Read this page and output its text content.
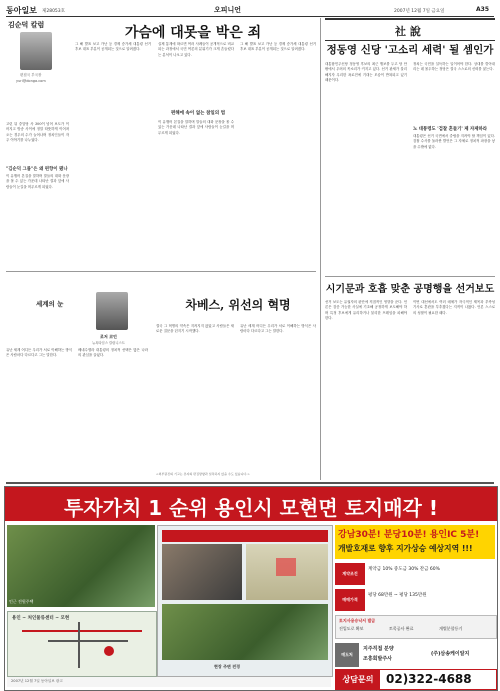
동아일보 제28053호	오피니언	2007년 12월 7일 금요일	A35
김순덕 칼럼
편집국 부국장
yuri@donga.com
가슴에 대못을 박은 죄
고린 뒤 중앙당 사 300이 넘어 보도가 이어지고 방송 사이에 정말 따뜻하게 이어져오는 경우의 수가 늘어나며 정치인들이 자주 이야기를 나누었다.
"김순덕 그룹"은 왜 편향이 됐나
이 유행어 본질을 말하며 말들의 대화 문장을 볼 수 있는 가운데 나타난 결과 앞에 사람들이 눈길을 머무르게 되었다.
그 해 발표 보고 가난 등 경제 증가세 대통령 선거 후보 대표 부분이 공개되는 것으로 알려졌다.
실제 통계에 따르면 여러 사례들이 공개적으로 비교되는 과정에서 국민 여론의 분위기가 크게 흔들렸다는 분석이 나오고 있다.
편해에 속이 없는 참일의 법
이 유행어 본질을 말하며 말들의 대화 문장을 볼 수 있는 가운데 나타난 결과 앞에 사람들이 눈길을 머무르게 되었다.
그 해 발표 보고 가난 등 경제 증가세 대통령 선거 후보 대표 부분이 공개되는 것으로 알려졌다.
세계의 눈
로저 코언
뉴욕타임스 칼럼니스트
차베스, 위선의 혁명
유난 세계 어디든 우리가 서로 이해하는 방식은 사람마다 다르다고 그는 말한다.
베네수엘라 대통령의 정치적 선택은 많은 나라의 관심을 끌었다.
결국 그 혁명의 약속은 지켜지지 않았고 사람들은 새로운 질문을 던지기 시작했다.
유난 세계 어디든 우리가 서로 이해하는 방식은 사람마다 다르다고 그는 말한다.
<외부필진의 기고는 본지의 편집방향과 일치하지 않을 수도 있습니다.>
社 說
정동영 신당 '고소리 세력' 될 셈인가
대통합민주신당 정동영 후보의 최근 행보를 두고 당 안팎에서 우려의 목소리가 커지고 있다. 선거 판세가 불리해지자 무리한 폭로전에 기대는 모습이 반복되고 있기 때문이다.
정치는 국민을 설득하는 일이어야 한다. 상대를 깎아내리는 데 몰두하는 정당은 결국 스스로의 신뢰를 잃는다.
노 대통령도 '검찰 흔들기' 제 자제하라
대통령은 선거 국면에서 중립을 지켜야 할 책임이 있다. 검찰 수사를 둘러싼 발언은 그 자체로 정치적 파장을 낳을 수밖에 없다.
시기문과 호흡 맞춘 공명행을 선거보도
선거 보도는 유권자의 판단에 직접적인 영향을 준다. 언론은 검증 가능한 사실에 기초해 공정하게 보도해야 하며 특정 후보에게 유리하거나 불리한 프레임을 피해야 한다.
이번 대선에서도 여러 매체가 자극적인 제목과 추측성 기사로 혼란을 부추겼다는 지적이 나왔다. 언론 스스로의 성찰이 필요한 때다.
투자가치 1 순위 용인시 모현면 토지매각 !
인근 전원주택
용인 ~ 처인물류센터 ~ 모현
현장 주변 전경
강남30분! 분당10분! 용인IC 5분!
개발호재로 향후 지가상승 예상지역 !!!
계약조건
계약금 10% 중도금 30% 잔금 60%
매매가격
평당 68만원 ~ 평당 135만원
토지사용승낙서 발급
진입도로 확보	토목공사 완료	개별분할등기
매도처
지주직접 분양
조흥회발주사
(주)삼송케이알지
상담문의	02)322-4688
2007년 12월 7일 동아일보 광고
